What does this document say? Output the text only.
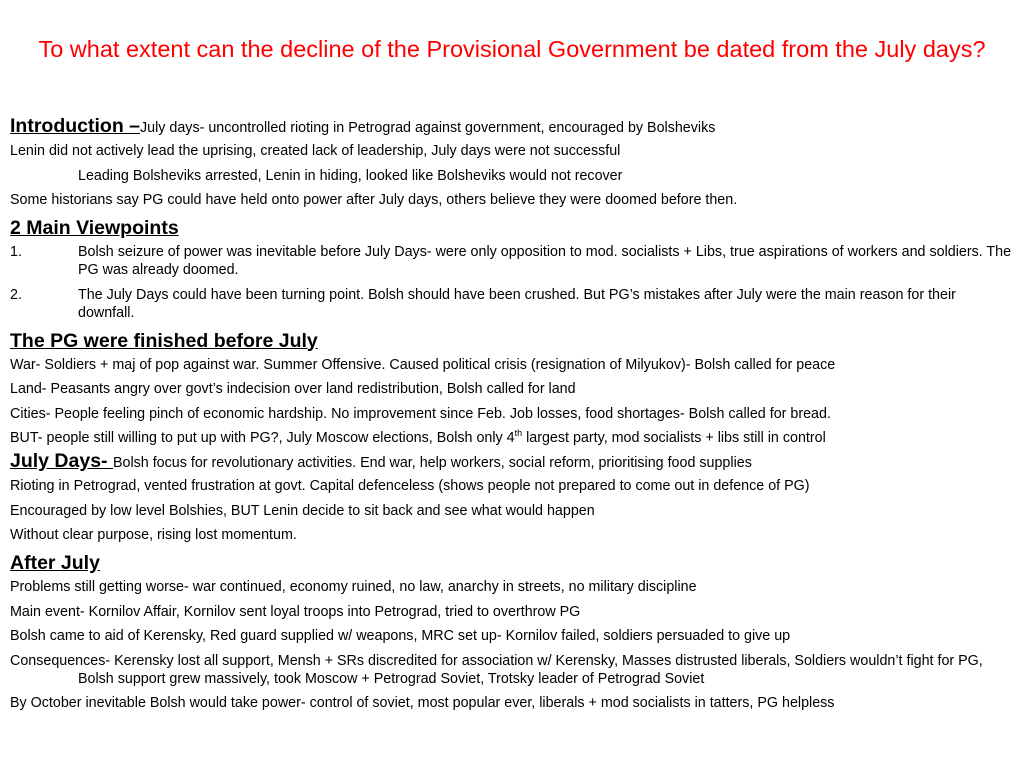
To what extent can the decline of the Provisional Government be dated from the July days?
Introduction –July days- uncontrolled rioting in Petrograd against government, encouraged by Bolsheviks
Lenin did not actively lead the uprising, created lack of leadership, July days were not successful
Leading Bolsheviks arrested, Lenin in hiding, looked like Bolsheviks would not recover
Some historians say PG could have held onto power after July days, others believe they were doomed before then.
2 Main Viewpoints
1.	Bolsh seizure of power was inevitable before July Days- were only opposition to mod. socialists + Libs, true aspirations of workers and soldiers. The PG was already doomed.
2.	The July Days could have been turning point. Bolsh should have been crushed. But PG’s mistakes after July were the main reason for their downfall.
The PG were finished before July
War- Soldiers + maj of pop against war. Summer Offensive. Caused political crisis (resignation of Milyukov)- Bolsh called for peace
Land- Peasants angry over govt’s indecision over land redistribution, Bolsh called for land
Cities- People feeling pinch of economic hardship. No improvement since Feb. Job losses, food shortages- Bolsh called for bread.
BUT- people still willing to put up with PG?, July Moscow elections, Bolsh only 4th largest party, mod socialists + libs still in control
July Days- Bolsh focus for revolutionary activities. End war, help workers, social reform, prioritising food supplies
Rioting in Petrograd, vented frustration at govt. Capital defenceless (shows people not prepared to come out in defence of PG)
Encouraged by low level Bolshies, BUT Lenin decide to sit back and see what would happen
Without clear purpose, rising lost momentum.
After July
Problems still getting worse- war continued, economy ruined, no law, anarchy in streets, no military discipline
Main event- Kornilov Affair, Kornilov sent loyal troops into Petrograd, tried to overthrow PG
Bolsh came to aid of Kerensky, Red guard supplied w/ weapons, MRC set up- Kornilov failed, soldiers persuaded to give up
Consequences- Kerensky lost all support, Mensh + SRs discredited for association w/ Kerensky, Masses distrusted liberals, Soldiers wouldn’t fight for PG, Bolsh support grew massively, took Moscow + Petrograd Soviet, Trotsky leader of Petrograd Soviet
By October inevitable Bolsh would take power- control of soviet, most popular ever, liberals + mod socialists in tatters, PG helpless
